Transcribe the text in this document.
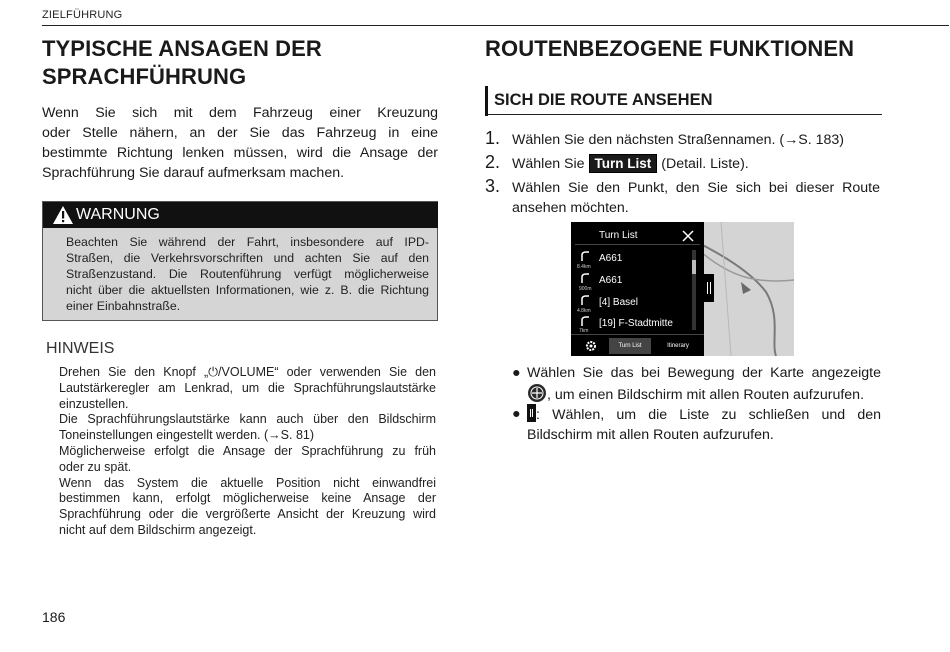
ZIELFÜHRUNG
TYPISCHE ANSAGEN DER
SPRACHFÜHRUNG
Wenn Sie sich mit dem Fahrzeug einer Kreuzung
oder Stelle nähern, an der Sie das Fahrzeug in eine
bestimmte Richtung lenken müssen, wird die Ansage der
Sprachführung Sie darauf aufmerksam machen.
WARNUNG
Beachten Sie während der Fahrt, insbesondere auf IPD-
Straßen, die Verkehrsvorschriften und achten Sie auf den
Straßenzustand. Die Routenführung verfügt möglicherweise
nicht über die aktuellsten Informationen, wie z. B. die Richtung
einer Einbahnstraße.
HINWEIS

Drehen Sie den Knopf „⏻/VOLUME“ oder verwenden Sie den

Lautstärkeregler am Lenkrad, um die Sprachführungslautstärke

einzustellen.

Die Sprachführungslautstärke kann auch über den Bildschirm

Toneinstellungen eingestellt werden. (→S. 81)

Möglicherweise erfolgt die Ansage der Sprachführung zu früh

oder zu spät.

Wenn das System die aktuelle Position nicht einwandfrei

bestimmen kann, erfolgt möglicherweise keine Ansage der

Sprachführung oder die vergrößerte Ansicht der Kreuzung wird

nicht auf dem Bildschirm angezeigt.

186
ROUTENBEZOGENE FUNKTIONEN
SICH DIE ROUTE ANSEHEN
1. Wählen Sie den nächsten Straßennamen. (→S. 183)
2. Wählen Sie Turn List (Detail. Liste).
3. Wählen Sie den Punkt, den Sie sich bei dieser Route
ansehen möchten.
Turn List
8.4km
A661
900m
A661
4.8km
[4] Basel
7km
[19] F-Stadtmitte
Turn List	Itinerary
● Wählen Sie das bei Bewegung der Karte angezeigte
, um einen Bildschirm mit allen Routen aufzurufen.
●	: Wählen, um die Liste zu schließen und den
Bildschirm mit allen Routen aufzurufen.
